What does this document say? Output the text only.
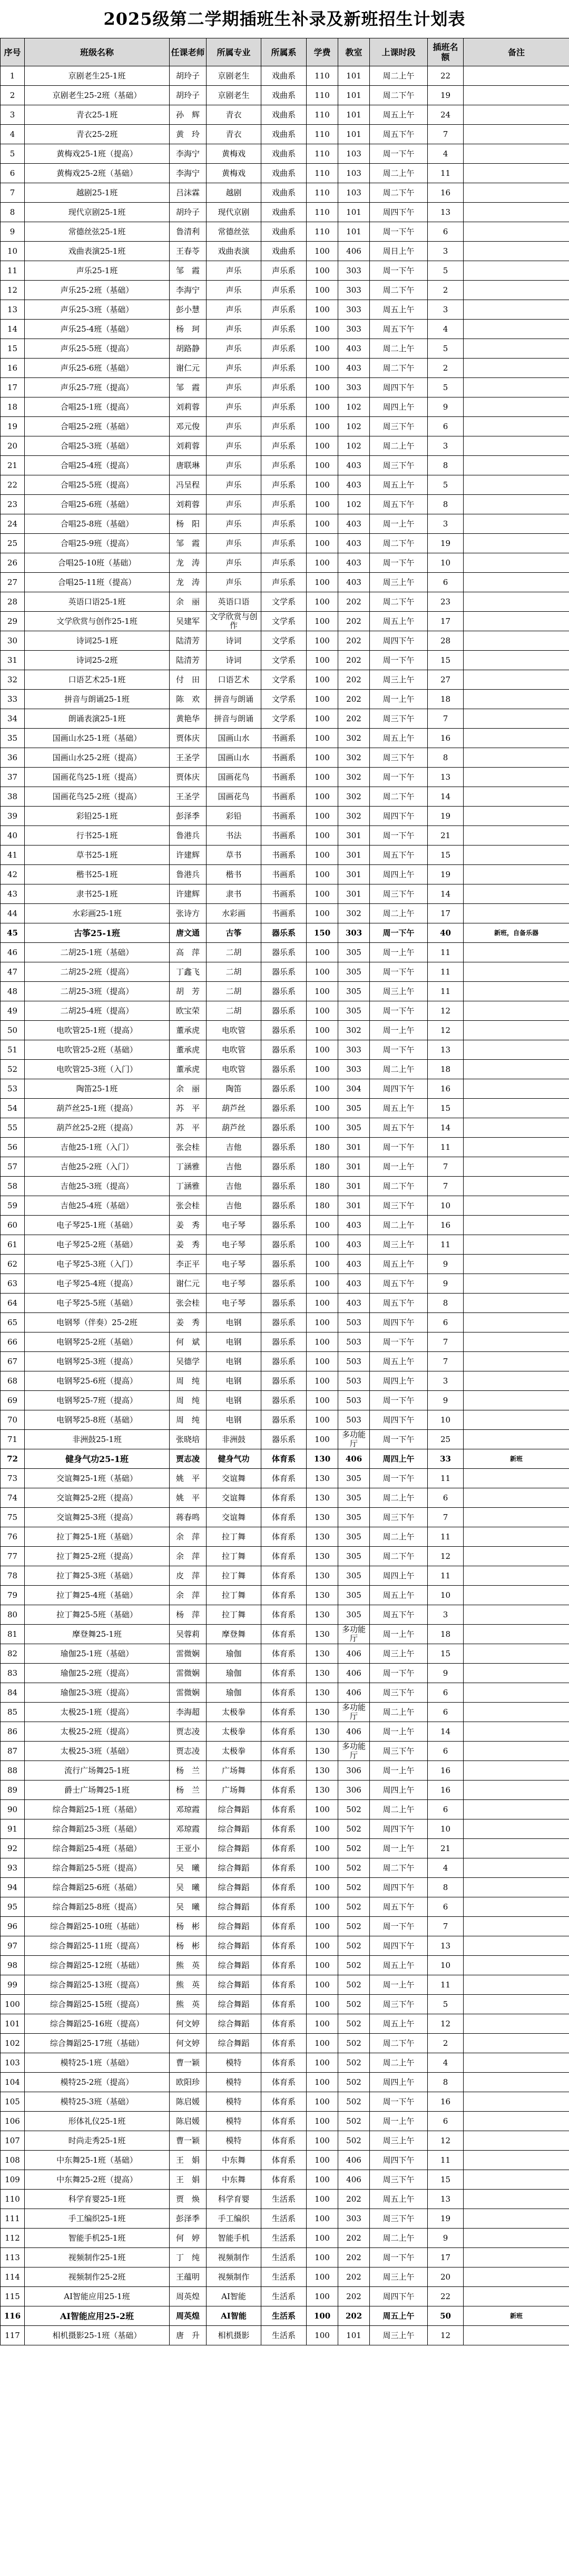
2025级第二学期插班生补录及新班招生计划表
序号	班级名称	任课老师	所属专业	所属系	学费	教室	上课时段	插班名额	备注
1	京剧老生25-1班	胡玲子	京剧老生	戏曲系	110	101	周二上午	22	
2	京剧老生25-2班（基础）	胡玲子	京剧老生	戏曲系	110	101	周二下午	19	
3	青衣25-1班	孙　辉	青衣	戏曲系	110	101	周五上午	24	
4	青衣25-2班	黄　玲	青衣	戏曲系	110	101	周五下午	7	
5	黄梅戏25-1班（提高）	李海宁	黄梅戏	戏曲系	110	103	周一下午	4	
6	黄梅戏25-2班（基础）	李海宁	黄梅戏	戏曲系	110	103	周二上午	11	
7	越剧25-1班	吕沫霖	越剧	戏曲系	110	103	周二下午	16	
8	现代京剧25-1班	胡玲子	现代京剧	戏曲系	110	101	周四下午	13	
9	常德丝弦25-1班	鲁清利	常德丝弦	戏曲系	110	101	周一下午	6	
10	戏曲表演25-1班	王春苓	戏曲表演	戏曲系	100	406	周日上午	3	
11	声乐25-1班	邹　霞	声乐	声乐系	100	303	周一下午	5	
12	声乐25-2班（基础）	李海宁	声乐	声乐系	100	303	周二下午	2	
13	声乐25-3班（基础）	彭小慧	声乐	声乐系	100	303	周五上午	3	
14	声乐25-4班（基础）	杨　珂	声乐	声乐系	100	303	周五下午	4	
15	声乐25-5班（提高）	胡路静	声乐	声乐系	100	403	周二上午	5	
16	声乐25-6班（基础）	谢仁元	声乐	声乐系	100	403	周二下午	2	
17	声乐25-7班（提高）	邹　霞	声乐	声乐系	100	303	周四下午	5	
18	合唱25-1班（提高）	刘莉蓉	声乐	声乐系	100	102	周四上午	9	
19	合唱25-2班（基础）	邓元俊	声乐	声乐系	100	102	周三下午	6	
20	合唱25-3班（基础）	刘莉蓉	声乐	声乐系	100	102	周二上午	3	
21	合唱25-4班（提高）	唐联琳	声乐	声乐系	100	403	周三下午	8	
22	合唱25-5班（提高）	冯呈程	声乐	声乐系	100	403	周五上午	5	
23	合唱25-6班（基础）	刘莉蓉	声乐	声乐系	100	102	周五下午	8	
24	合唱25-8班（基础）	杨　阳	声乐	声乐系	100	403	周一上午	3	
25	合唱25-9班（提高）	邹　霞	声乐	声乐系	100	403	周二下午	19	
26	合唱25-10班（基础）	龙　涛	声乐	声乐系	100	403	周一下午	10	
27	合唱25-11班（提高）	龙　涛	声乐	声乐系	100	403	周三上午	6	
28	英语口语25-1班	余　丽	英语口语	文学系	100	202	周二下午	23	
29	文学欣赏与创作25-1班	吴建军	文学欣赏与创作	文学系	100	202	周五上午	17	
30	诗词25-1班	陆清芳	诗词	文学系	100	202	周四下午	28	
31	诗词25-2班	陆清芳	诗词	文学系	100	202	周一下午	15	
32	口语艺术25-1班	付　田	口语艺术	文学系	100	202	周三上午	27	
33	拼音与朗诵25-1班	陈　欢	拼音与朗诵	文学系	100	202	周一上午	18	
34	朗诵表演25-1班	黄艳华	拼音与朗诵	文学系	100	202	周三下午	7	
35	国画山水25-1班（基础）	贾体庆	国画山水	书画系	100	302	周五上午	16	
36	国画山水25-2班（提高）	王圣学	国画山水	书画系	100	302	周三下午	8	
37	国画花鸟25-1班（提高）	贾体庆	国画花鸟	书画系	100	302	周一下午	13	
38	国画花鸟25-2班（提高）	王圣学	国画花鸟	书画系	100	302	周二下午	14	
39	彩铅25-1班	彭泽季	彩铅	书画系	100	302	周四下午	19	
40	行书25-1班	鲁港兵	书法	书画系	100	301	周一下午	21	
41	草书25-1班	许建辉	草书	书画系	100	301	周五下午	15	
42	楷书25-1班	鲁港兵	楷书	书画系	100	301	周四上午	19	
43	隶书25-1班	许建辉	隶书	书画系	100	301	周三下午	14	
44	水彩画25-1班	张诗方	水彩画	书画系	100	302	周二上午	17	
45	古筝25-1班	唐文通	古筝	器乐系	150	303	周一下午	40	新班，自备乐器
46	二胡25-1班（基础）	高　萍	二胡	器乐系	100	305	周一上午	11	
47	二胡25-2班（提高）	丁鑫飞	二胡	器乐系	100	305	周一下午	11	
48	二胡25-3班（提高）	胡　芳	二胡	器乐系	100	305	周三上午	11	
49	二胡25-4班（提高）	欧宝荣	二胡	器乐系	100	305	周一下午	12	
50	电吹管25-1班（提高）	董承虎	电吹管	器乐系	100	302	周一上午	12	
51	电吹管25-2班（基础）	董承虎	电吹管	器乐系	100	303	周一下午	13	
52	电吹管25-3班（入门）	董承虎	电吹管	器乐系	100	303	周二上午	18	
53	陶笛25-1班	余　丽	陶笛	器乐系	100	304	周四下午	16	
54	葫芦丝25-1班（提高）	苏　平	葫芦丝	器乐系	100	305	周五上午	15	
55	葫芦丝25-2班（提高）	苏　平	葫芦丝	器乐系	100	305	周五下午	14	
56	吉他25-1班（入门）	张会桂	吉他	器乐系	180	301	周一下午	11	
57	吉他25-2班（入门）	丁涵雅	吉他	器乐系	180	301	周一上午	7	
58	吉他25-3班（提高）	丁涵雅	吉他	器乐系	180	301	周二下午	7	
59	吉他25-4班（基础）	张会桂	吉他	器乐系	180	301	周三下午	10	
60	电子琴25-1班（基础）	姜　秀	电子琴	器乐系	100	403	周二上午	16	
61	电子琴25-2班（基础）	姜　秀	电子琴	器乐系	100	403	周三上午	11	
62	电子琴25-3班（入门）	李正平	电子琴	器乐系	100	403	周五上午	9	
63	电子琴25-4班（提高）	谢仁元	电子琴	器乐系	100	403	周五下午	9	
64	电子琴25-5班（基础）	张会桂	电子琴	器乐系	100	403	周五下午	8	
65	电钢琴（伴奏）25-2班	姜　秀	电钢	器乐系	100	503	周四下午	6	
66	电钢琴25-2班（基础）	何　斌	电钢	器乐系	100	503	周一下午	7	
67	电钢琴25-3班（提高）	吴德学	电钢	器乐系	100	503	周五上午	7	
68	电钢琴25-6班（提高）	周　纯	电钢	器乐系	100	503	周四上午	3	
69	电钢琴25-7班（提高）	周　纯	电钢	器乐系	100	503	周一下午	9	
70	电钢琴25-8班（基础）	周　纯	电钢	器乐系	100	503	周四下午	10	
71	非洲鼓25-1班	张晓培	非洲鼓	器乐系	100	多功能厅	周一下午	25	
72	健身气功25-1班	贾志凌	健身气功	体育系	130	406	周四上午	33	新班
73	交谊舞25-1班（基础）	姚　平	交谊舞	体育系	130	305	周一下午	11	
74	交谊舞25-2班（提高）	姚　平	交谊舞	体育系	130	305	周二上午	6	
75	交谊舞25-3班（提高）	蒋春鸣	交谊舞	体育系	130	305	周三下午	7	
76	拉丁舞25-1班（基础）	余　萍	拉丁舞	体育系	130	305	周二上午	11	
77	拉丁舞25-2班（提高）	余　萍	拉丁舞	体育系	130	305	周二下午	12	
78	拉丁舞25-3班（基础）	皮　萍	拉丁舞	体育系	130	305	周四上午	11	
79	拉丁舞25-4班（基础）	余　萍	拉丁舞	体育系	130	305	周五上午	10	
80	拉丁舞25-5班（基础）	杨　萍	拉丁舞	体育系	130	305	周五下午	3	
81	摩登舞25-1班	吴蓉莉	摩登舞	体育系	130	多功能厅	周一上午	18	
82	瑜伽25-1班（基础）	雷微娴	瑜伽	体育系	130	406	周三上午	15	
83	瑜伽25-2班（提高）	雷微娴	瑜伽	体育系	130	406	周一下午	9	
84	瑜伽25-3班（提高）	雷微娴	瑜伽	体育系	130	406	周三下午	6	
85	太极25-1班（提高）	李海超	太极拳	体育系	130	多功能厅	周二上午	6	
86	太极25-2班（提高）	贾志凌	太极拳	体育系	130	406	周一上午	14	
87	太极25-3班（基础）	贾志凌	太极拳	体育系	130	多功能厅	周三下午	6	
88	流行广场舞25-1班	杨　兰	广场舞	体育系	130	306	周一上午	16	
89	爵士广场舞25-1班	杨　兰	广场舞	体育系	130	306	周四上午	16	
90	综合舞蹈25-1班（基础）	邓琼霞	综合舞蹈	体育系	100	502	周二上午	6	
91	综合舞蹈25-3班（基础）	邓琼霞	综合舞蹈	体育系	100	502	周四下午	10	
92	综合舞蹈25-4班（基础）	王亚小	综合舞蹈	体育系	100	502	周一上午	21	
93	综合舞蹈25-5班（提高）	吴　曦	综合舞蹈	体育系	100	502	周二下午	4	
94	综合舞蹈25-6班（基础）	吴　曦	综合舞蹈	体育系	100	502	周四下午	8	
95	综合舞蹈25-8班（提高）	吴　曦	综合舞蹈	体育系	100	502	周五下午	6	
96	综合舞蹈25-10班（基础）	杨　彬	综合舞蹈	体育系	100	502	周一下午	7	
97	综合舞蹈25-11班（提高）	杨　彬	综合舞蹈	体育系	100	502	周四下午	13	
98	综合舞蹈25-12班（基础）	熊　英	综合舞蹈	体育系	100	502	周五上午	10	
99	综合舞蹈25-13班（提高）	熊　英	综合舞蹈	体育系	100	502	周一上午	11	
100	综合舞蹈25-15班（提高）	熊　英	综合舞蹈	体育系	100	502	周三下午	5	
101	综合舞蹈25-16班（提高）	何文婷	综合舞蹈	体育系	100	502	周五上午	12	
102	综合舞蹈25-17班（基础）	何文婷	综合舞蹈	体育系	100	502	周二下午	2	
103	模特25-1班（基础）	曹一颖	模特	体育系	100	502	周二上午	4	
104	模特25-2班（提高）	欧阳珍	模特	体育系	100	502	周四上午	8	
105	模特25-3班（基础）	陈启媛	模特	体育系	100	502	周一下午	16	
106	形体礼仪25-1班	陈启媛	模特	体育系	100	502	周一上午	6	
107	时尚走秀25-1班	曹一颖	模特	体育系	100	502	周三上午	12	
108	中东舞25-1班（基础）	王　娟	中东舞	体育系	100	406	周四下午	11	
109	中东舞25-2班（提高）	王　娟	中东舞	体育系	100	406	周三下午	15	
110	科学育婴25-1班	贾　焕	科学育婴	生活系	100	202	周五上午	13	
111	手工编织25-1班	彭泽季	手工编织	生活系	100	303	周三下午	19	
112	智能手机25-1班	何　婷	智能手机	生活系	100	202	周二上午	9	
113	视频制作25-1班	丁　纯	视频制作	生活系	100	202	周一下午	17	
114	视频制作25-2班	王蕴明	视频制作	生活系	100	202	周三上午	20	
115	AI智能应用25-1班	周英煌	AI智能	生活系	100	202	周四下午	22	
116	AI智能应用25-2班	周英煌	AI智能	生活系	100	202	周五上午	50	新班
117	相机摄影25-1班（基础）	唐　升	相机摄影	生活系	100	101	周三上午	12	
